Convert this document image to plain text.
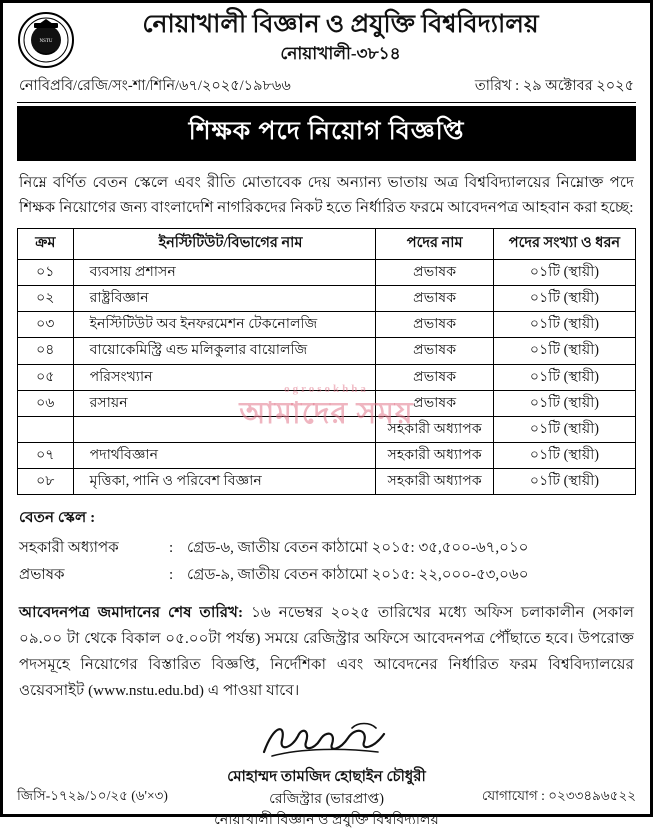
NSTU
নোয়াখালী বিজ্ঞান ও প্রযুক্তি বিশ্ববিদ্যালয়
নোয়াখালী-৩৮১৪
নোবিপ্রবি/রেজি/সং-শা/শিনি/৬৭/২০২৫/১৯৮৬৬	তারিখ : ২৯ অক্টোবর ২০২৫
শিক্ষক পদে নিয়োগ বিজ্ঞপ্তি
নিম্নে বর্ণিত বেতন স্কেলে এবং রীতি মোতাবেক দেয় অন্যান্য ভাতায় অত্র বিশ্ববিদ্যালয়ের নিম্নোক্ত পদে শিক্ষক নিয়োগের জন্য বাংলাদেশি নাগরিকদের নিকট হতে নির্ধারিত ফরমে আবেদনপত্র আহবান করা হচ্ছে:
ক্রম	ইনস্টিটিউট/বিভাগের নাম	পদের নাম	পদের সংখ্যা ও ধরন
০১	ব্যবসায় প্রশাসন	প্রভাষক	০১টি (স্থায়ী)
০২	রাষ্ট্রবিজ্ঞান	প্রভাষক	০১টি (স্থায়ী)
০৩	ইনস্টিটিউট অব ইনফরমেশন টেকনোলজি	প্রভাষক	০১টি (স্থায়ী)
০৪	বায়োকেমিস্ট্রি এন্ড মলিকুলার বায়োলজি	প্রভাষক	০১টি (স্থায়ী)
০৫	পরিসংখ্যান	প্রভাষক	০১টি (স্থায়ী)
০৬	রসায়ন	প্রভাষক	০১টি (স্থায়ী)
		সহকারী অধ্যাপক	০১টি (স্থায়ী)
০৭	পদার্থবিজ্ঞান	সহকারী অধ্যাপক	০১টি (স্থায়ী)
০৮	মৃত্তিকা, পানি ও পরিবেশ বিজ্ঞান	সহকারী অধ্যাপক	০১টি (স্থায়ী)
বেতন স্কেল :
সহকারী অধ্যাপক	: গ্রেড-৬, জাতীয় বেতন কাঠামো ২০১৫: ৩৫,৫০০-৬৭,০১০
প্রভাষক	: গ্রেড-৯, জাতীয় বেতন কাঠামো ২০১৫: ২২,০০০-৫৩,০৬০
আবেদনপত্র জমাদানের শেষ তারিখ: ১৬ নভেম্বর ২০২৫ তারিখের মধ্যে অফিস চলাকালীন (সকাল ০৯.০০ টা থেকে বিকাল ০৫.০০টা পর্যন্ত) সময়ে রেজিস্ট্রার অফিসে আবেদনপত্র পৌঁছাতে হবে। উপরোক্ত পদসমূহে নিয়োগের বিস্তারিত বিজ্ঞপ্তি, নির্দেশিকা এবং আবেদনের নির্ধারিত ফরম বিশ্ববিদ্যালয়ের ওয়েবসাইট (www.nstu.edu.bd) এ পাওয়া যাবে।
মোহাম্মদ তামজিদ হোছাইন চৌধুরী
রেজিস্ট্রার (ভারপ্রাপ্ত)
নোয়াখালী বিজ্ঞান ও প্রযুক্তি বিশ্ববিদ্যালয়
ogrosokhha
আমাদের সময়
জিসি-১৭২৯/১০/২৫ (৬'×৩)	যোগাযোগ : ০২৩৩৪৯৬৫২২
